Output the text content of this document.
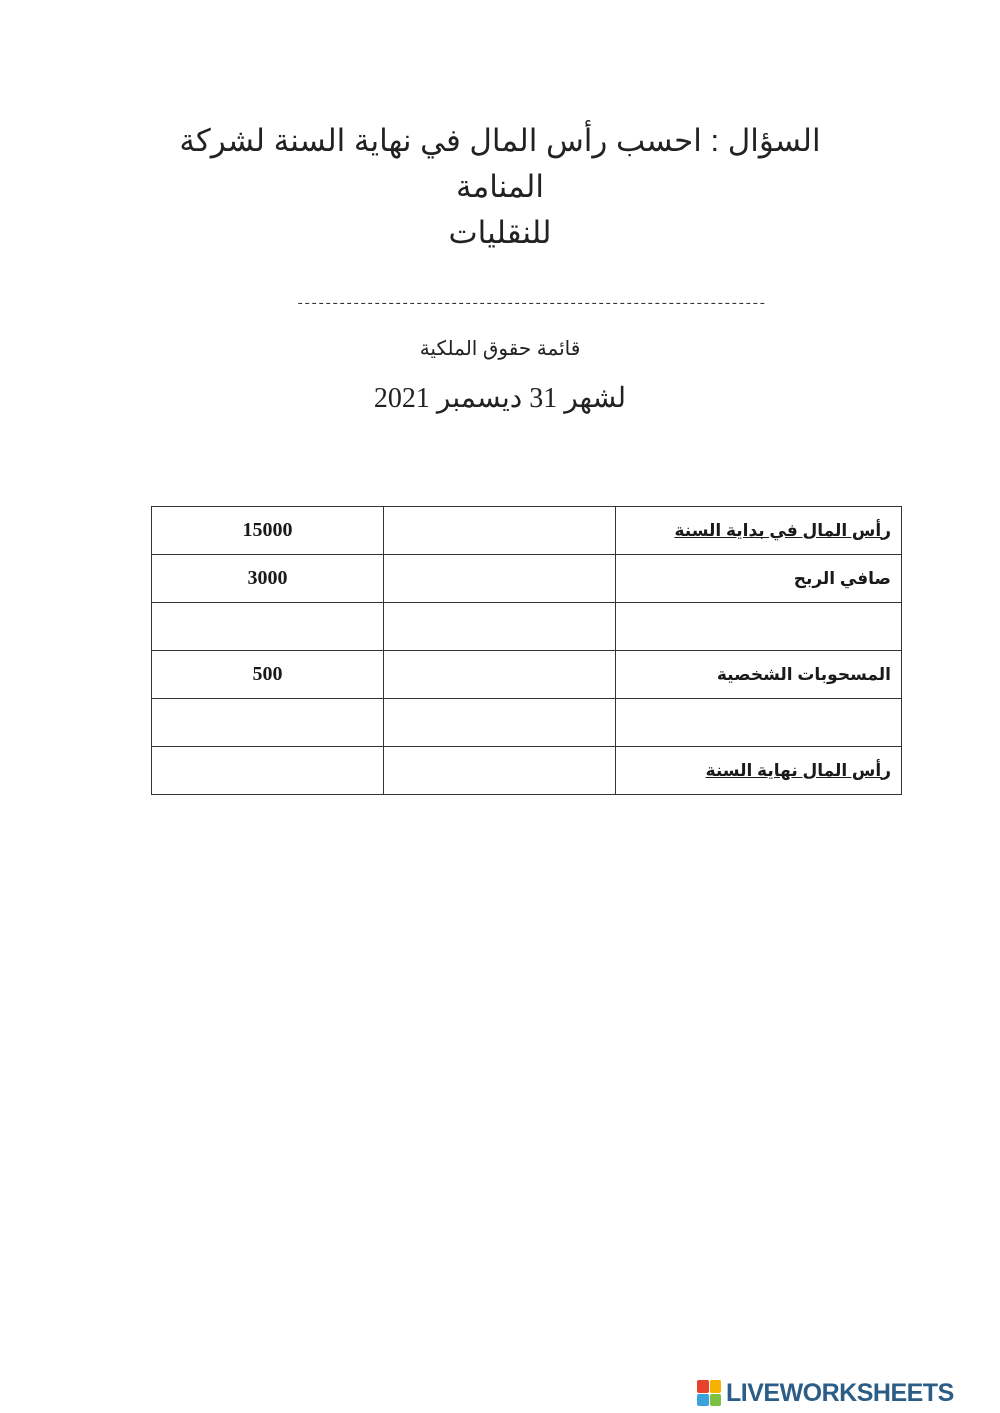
السؤال : احسب رأس المال في نهاية السنة لشركة المنامة
للنقليات
-------------------------------------------------------------------
قائمة حقوق الملكية
لشهر 31 ديسمبر 2021
15000		رأس المال في بداية السنة
3000		صافي الربح

500		المسحوبات الشخصية

		رأس المال نهاية السنة
LIVEWORKSHEETS
